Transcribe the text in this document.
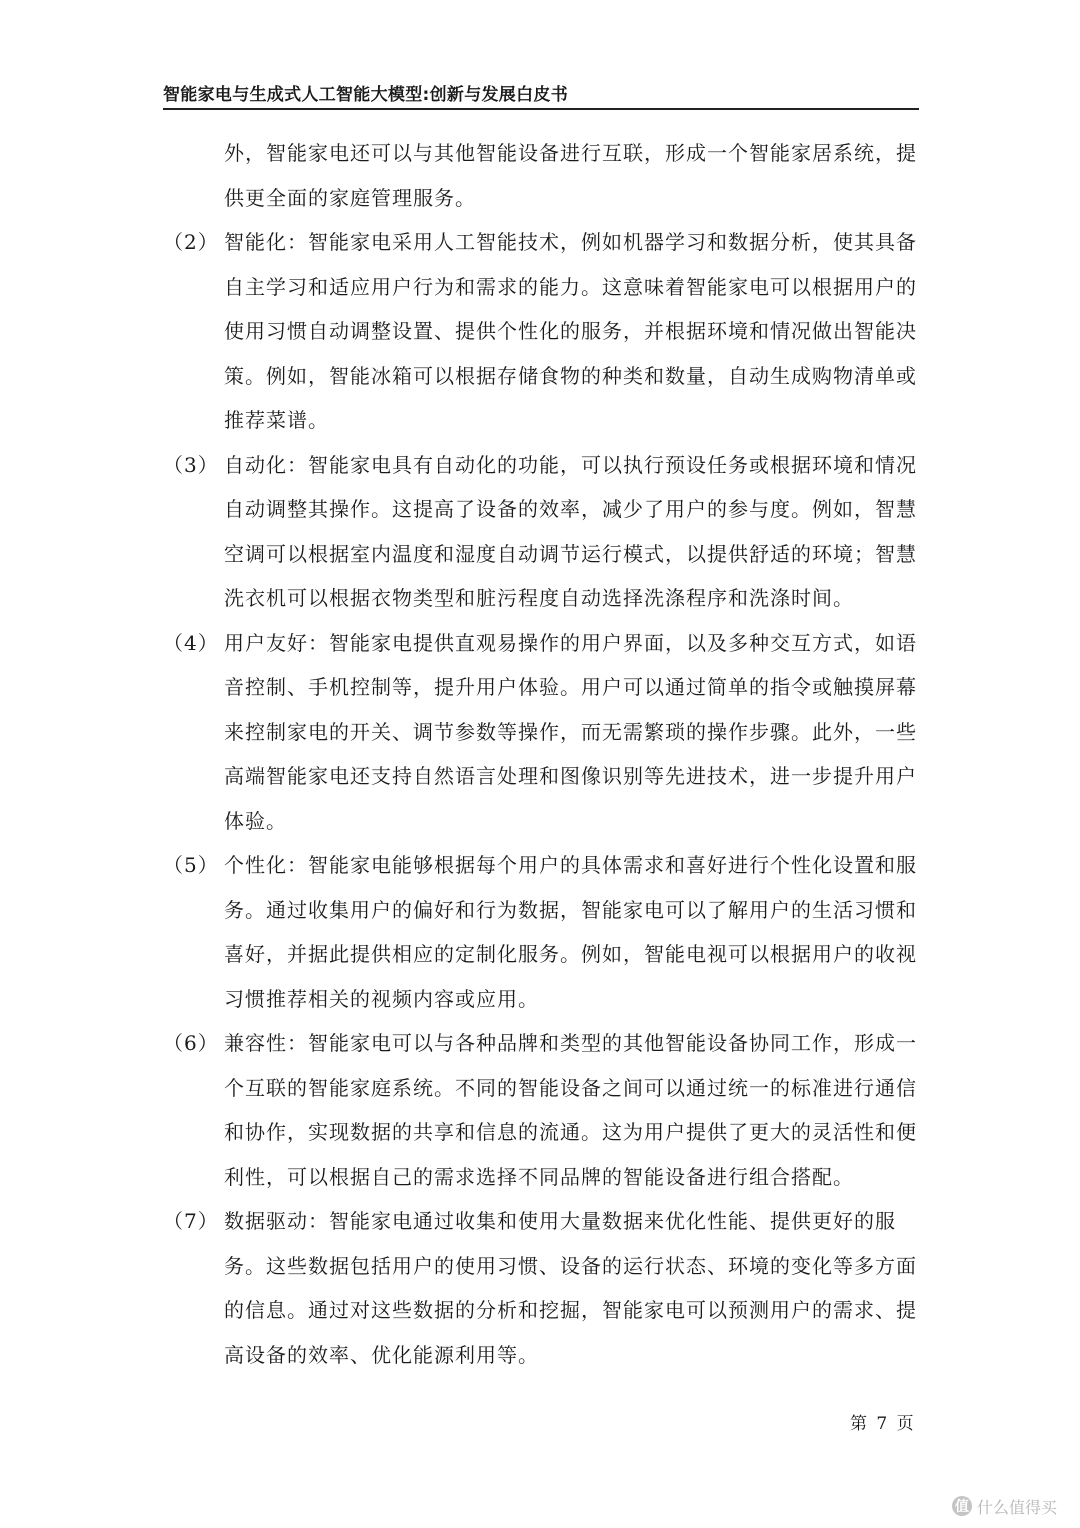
智能家电与生成式人工智能大模型:创新与发展白皮书
外，智能家电还可以与其他智能设备进行互联，形成一个智能家居系统，提供更全面的家庭管理服务。
（2） 智能化：智能家电采用人工智能技术，例如机器学习和数据分析，使其具备自主学习和适应用户行为和需求的能力。这意味着智能家电可以根据用户的使用习惯自动调整设置、提供个性化的服务，并根据环境和情况做出智能决策。例如，智能冰箱可以根据存储食物的种类和数量，自动生成购物清单或推荐菜谱。
（3） 自动化：智能家电具有自动化的功能，可以执行预设任务或根据环境和情况自动调整其操作。这提高了设备的效率，减少了用户的参与度。例如，智慧空调可以根据室内温度和湿度自动调节运行模式，以提供舒适的环境；智慧洗衣机可以根据衣物类型和脏污程度自动选择洗涤程序和洗涤时间。
（4） 用户友好：智能家电提供直观易操作的用户界面，以及多种交互方式，如语音控制、手机控制等，提升用户体验。用户可以通过简单的指令或触摸屏幕来控制家电的开关、调节参数等操作，而无需繁琐的操作步骤。此外，一些高端智能家电还支持自然语言处理和图像识别等先进技术，进一步提升用户体验。
（5） 个性化：智能家电能够根据每个用户的具体需求和喜好进行个性化设置和服务。通过收集用户的偏好和行为数据，智能家电可以了解用户的生活习惯和喜好，并据此提供相应的定制化服务。例如，智能电视可以根据用户的收视习惯推荐相关的视频内容或应用。
（6） 兼容性：智能家电可以与各种品牌和类型的其他智能设备协同工作，形成一个互联的智能家庭系统。不同的智能设备之间可以通过统一的标准进行通信和协作，实现数据的共享和信息的流通。这为用户提供了更大的灵活性和便利性，可以根据自己的需求选择不同品牌的智能设备进行组合搭配。
（7） 数据驱动：智能家电通过收集和使用大量数据来优化性能、提供更好的服务。这些数据包括用户的使用习惯、设备的运行状态、环境的变化等多方面的信息。通过对这些数据的分析和挖掘，智能家电可以预测用户的需求、提高设备的效率、优化能源利用等。
第 7 页
值 什么值得买
